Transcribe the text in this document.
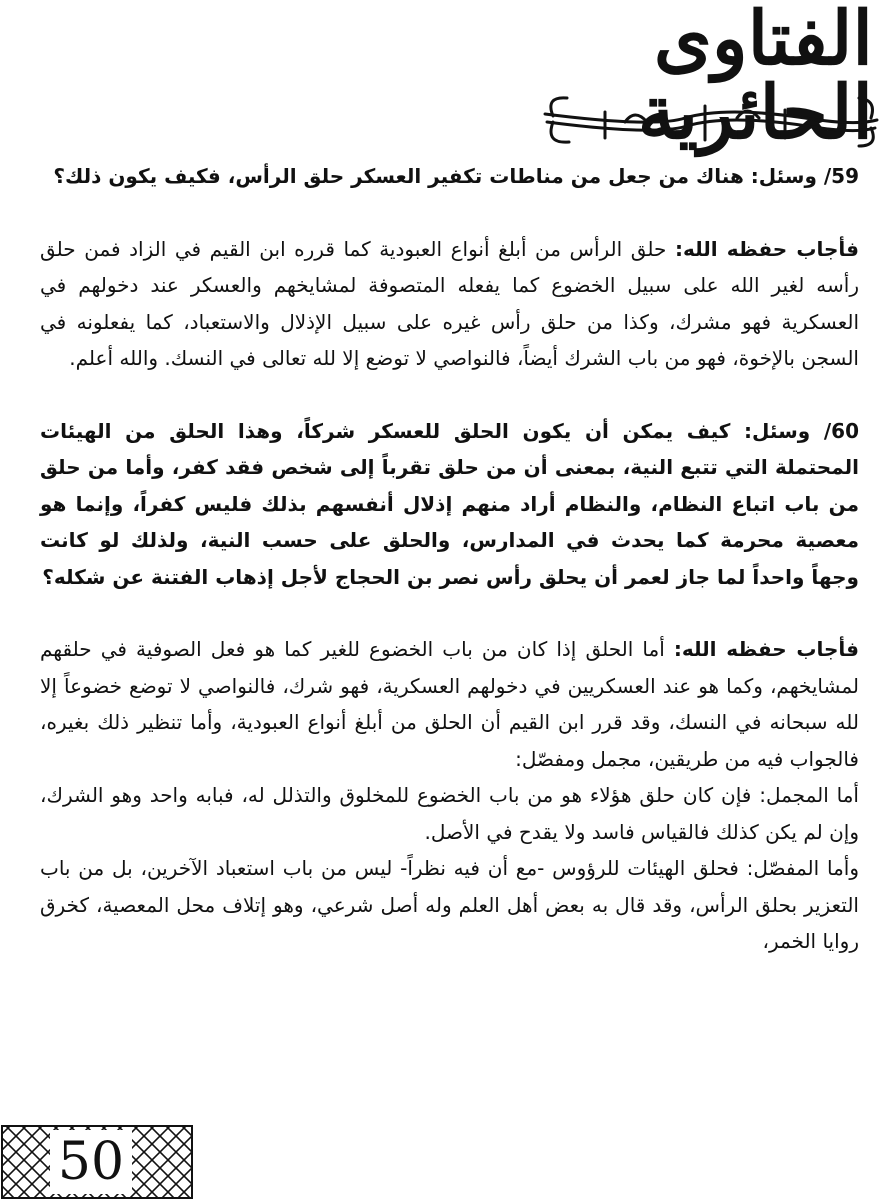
الفتاوى الحائرية

59/ وسئل: هناك من جعل من مناطات تكفير العسكر حلق الرأس، فكيف يكون ذلك؟

فأجاب حفظه الله: حلق الرأس من أبلغ أنواع العبودية كما قرره ابن القيم في الزاد فمن حلق رأسه لغير الله على سبيل الخضوع كما يفعله المتصوفة لمشايخهم والعسكر عند دخولهم في العسكرية فهو مشرك، وكذا من حلق رأس غيره على سبيل الإذلال والاستعباد، كما يفعلونه في السجن بالإخوة، فهو من باب الشرك أيضاً، فالنواصي لا توضع إلا لله تعالى في النسك. والله أعلم.

60/ وسئل: كيف يمكن أن يكون الحلق للعسكر شركاً، وهذا الحلق من الهيئات المحتملة التي تتبع النية، بمعنى أن من حلق تقرباً إلى شخص فقد كفر، وأما من حلق من باب اتباع النظام، والنظام أراد منهم إذلال أنفسهم بذلك فليس كفراً، وإنما هو معصية محرمة كما يحدث في المدارس، والحلق على حسب النية، ولذلك لو كانت وجهاً واحداً لما جاز لعمر أن يحلق رأس نصر بن الحجاج لأجل إذهاب الفتنة عن شكله؟

فأجاب حفظه الله: أما الحلق إذا كان من باب الخضوع للغير كما هو فعل الصوفية في حلقهم لمشايخهم، وكما هو عند العسكريين في دخولهم العسكرية، فهو شرك، فالنواصي لا توضع خضوعاً إلا لله سبحانه في النسك، وقد قرر ابن القيم أن الحلق من أبلغ أنواع العبودية، وأما تنظير ذلك بغيره، فالجواب فيه من طريقين، مجمل ومفصّل:

أما المجمل: فإن كان حلق هؤلاء هو من باب الخضوع للمخلوق والتذلل له، فبابه واحد وهو الشرك، وإن لم يكن كذلك فالقياس فاسد ولا يقدح في الأصل.

وأما المفصّل: فحلق الهيئات للرؤوس -مع أن فيه نظراً- ليس من باب استعباد الآخرين، بل من باب التعزير بحلق الرأس، وقد قال به بعض أهل العلم وله أصل شرعي، وهو إتلاف محل المعصية، كخرق روايا الخمر،

50
